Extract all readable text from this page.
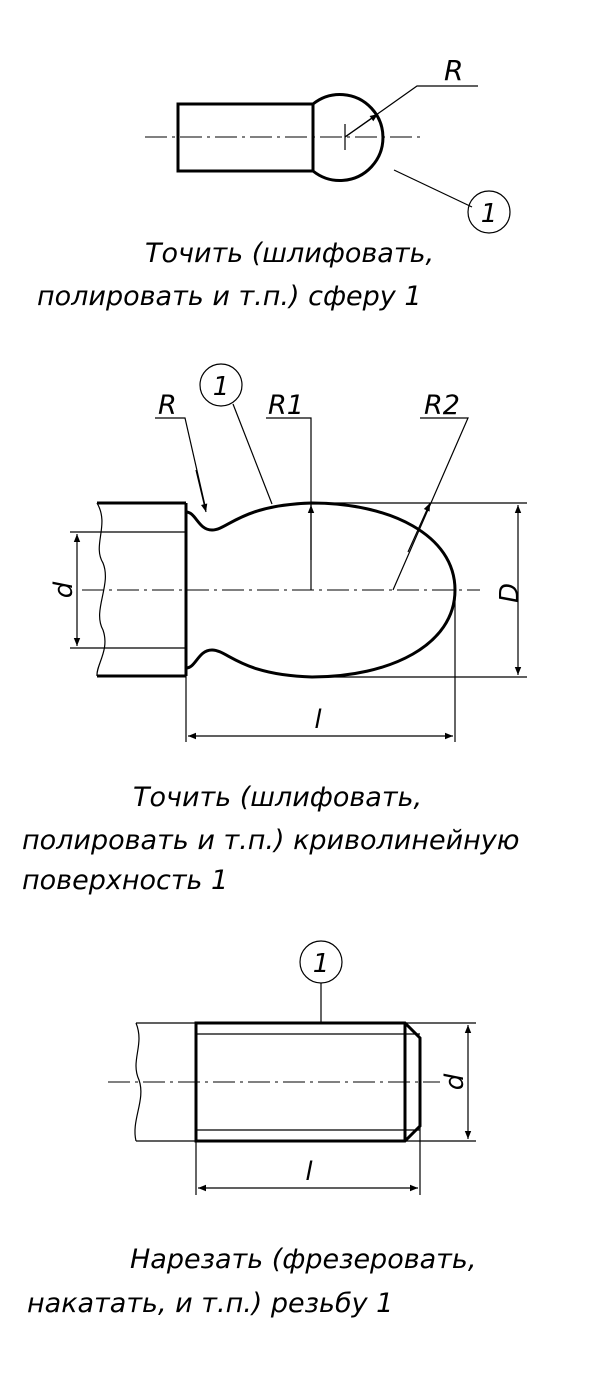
R
1
Точить (шлифовать,
полировать и т.п.) сферу 1
d	D
l
R
1
R1	R2
Точить (шлифовать,
полировать и т.п.) криволинейную
поверхность 1
1
d
l
Нарезать (фрезеровать,
накатать, и т.п.) резьбу 1
